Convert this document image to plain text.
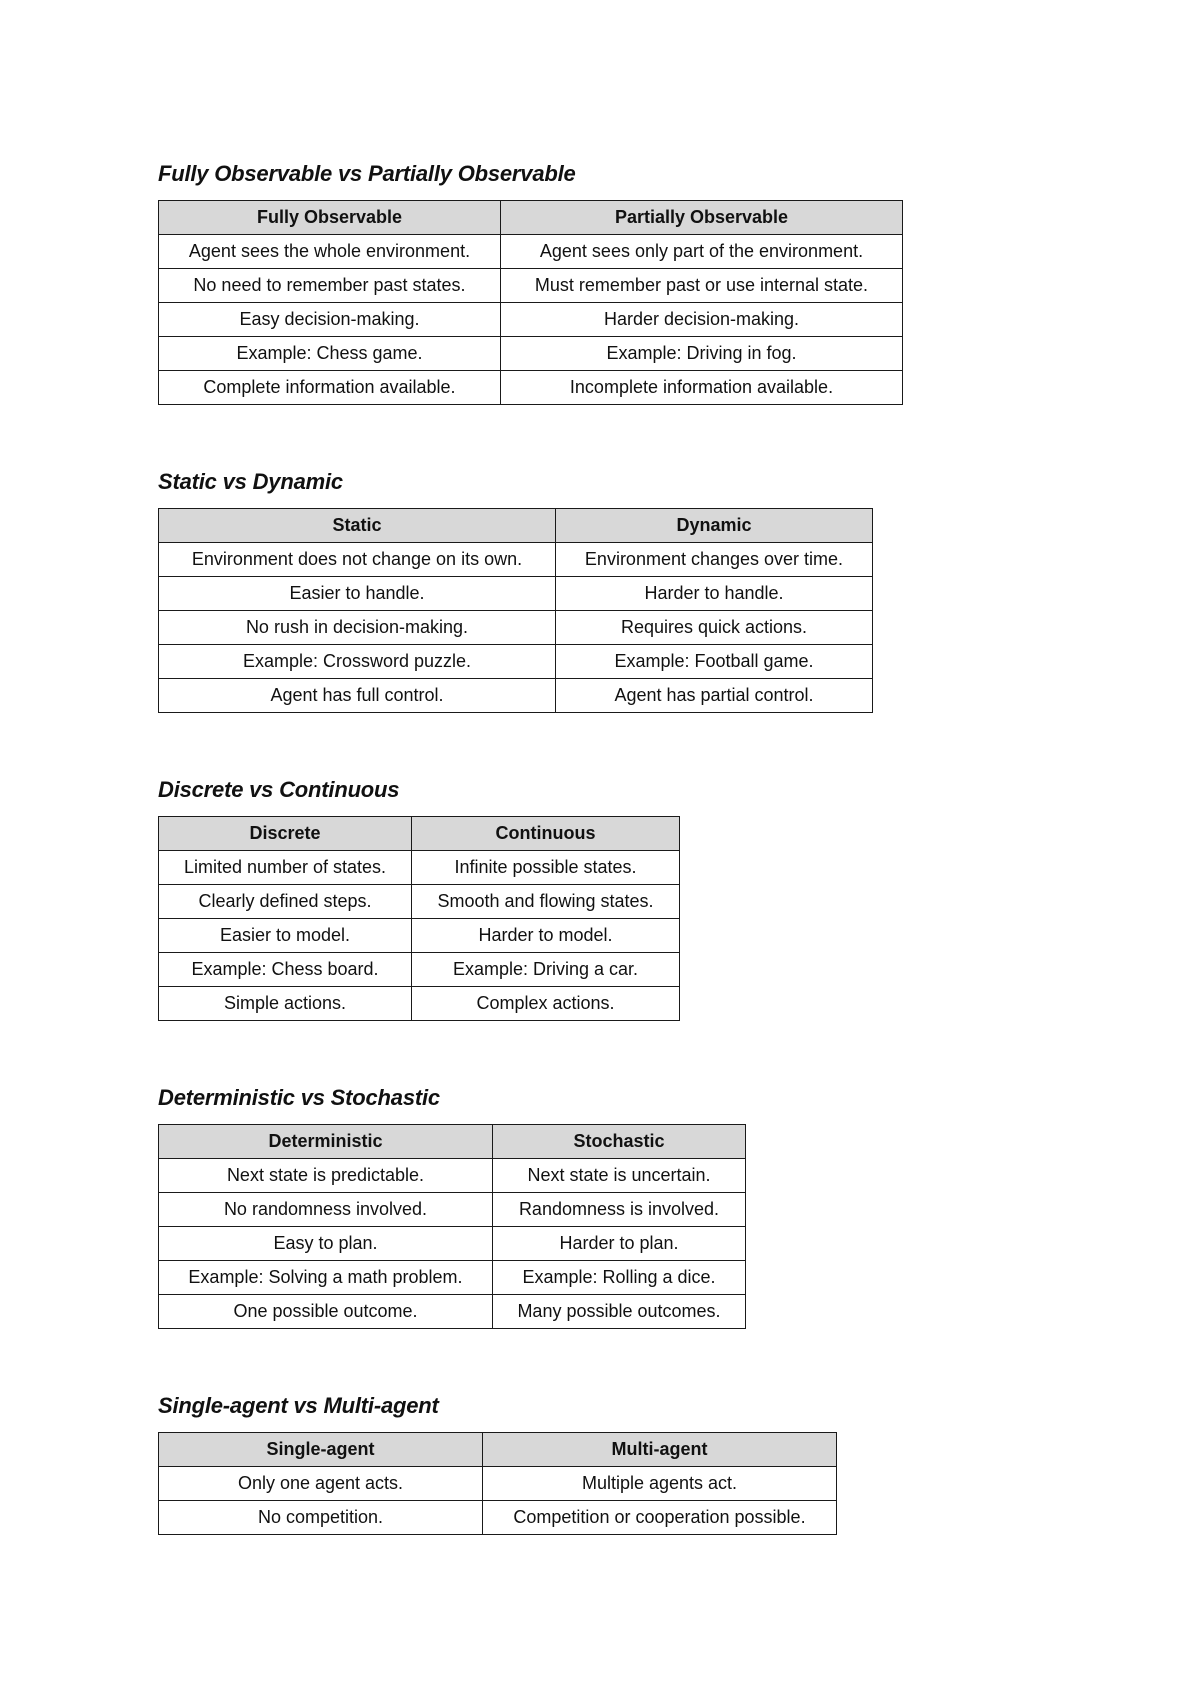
Fully Observable vs Partially Observable
Fully Observable	Partially Observable
Agent sees the whole environment.	Agent sees only part of the environment.
No need to remember past states.	Must remember past or use internal state.
Easy decision-making.	Harder decision-making.
Example: Chess game.	Example: Driving in fog.
Complete information available.	Incomplete information available.
Static vs Dynamic
Static	Dynamic
Environment does not change on its own.	Environment changes over time.
Easier to handle.	Harder to handle.
No rush in decision-making.	Requires quick actions.
Example: Crossword puzzle.	Example: Football game.
Agent has full control.	Agent has partial control.
Discrete vs Continuous
Discrete	Continuous
Limited number of states.	Infinite possible states.
Clearly defined steps.	Smooth and flowing states.
Easier to model.	Harder to model.
Example: Chess board.	Example: Driving a car.
Simple actions.	Complex actions.
Deterministic vs Stochastic
Deterministic	Stochastic
Next state is predictable.	Next state is uncertain.
No randomness involved.	Randomness is involved.
Easy to plan.	Harder to plan.
Example: Solving a math problem.	Example: Rolling a dice.
One possible outcome.	Many possible outcomes.
Single-agent vs Multi-agent
Single-agent	Multi-agent
Only one agent acts.	Multiple agents act.
No competition.	Competition or cooperation possible.
